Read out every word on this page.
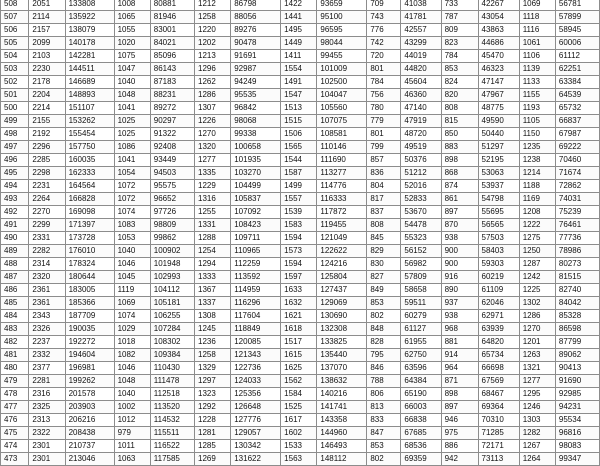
508	2051	133808	1008	80881	1212	86798	1422	93659	709	41038	733	42267	1069	56781
507	2114	135922	1065	81946	1258	88056	1441	95100	743	41781	787	43054	1118	57899
506	2157	138079	1055	83001	1220	89276	1495	96595	776	42557	809	43863	1116	58945
505	2099	140178	1020	84021	1202	90478	1449	98044	742	43299	823	44686	1061	60006
504	2103	142281	1075	85096	1213	91691	1411	99455	720	44019	784	45470	1106	61112
503	2230	144511	1047	86143	1296	92987	1554	101009	801	44820	853	46323	1139	62251
502	2178	146689	1040	87183	1262	94249	1491	102500	784	45604	824	47147	1133	63384
501	2204	148893	1048	88231	1286	95535	1547	104047	756	46360	820	47967	1155	64539
500	2214	151107	1041	89272	1307	96842	1513	105560	780	47140	808	48775	1193	65732
499	2155	153262	1025	90297	1226	98068	1515	107075	779	47919	815	49590	1105	66837
498	2192	155454	1025	91322	1270	99338	1506	108581	801	48720	850	50440	1150	67987
497	2296	157750	1086	92408	1320	100658	1565	110146	799	49519	883	51297	1235	69222
496	2285	160035	1041	93449	1277	101935	1544	111690	857	50376	898	52195	1238	70460
495	2298	162333	1054	94503	1335	103270	1587	113277	836	51212	868	53063	1214	71674
494	2231	164564	1072	95575	1229	104499	1499	114776	804	52016	874	53937	1188	72862
493	2264	166828	1072	96652	1316	105837	1557	116333	817	52833	861	54798	1169	74031
492	2270	169098	1074	97726	1255	107092	1539	117872	837	53670	897	55695	1208	75239
491	2299	171397	1083	98809	1331	108423	1583	119455	808	54478	870	56565	1222	76461
490	2331	173728	1053	99862	1288	109711	1594	121049	845	55323	938	57503	1275	77736
489	2282	176010	1040	100902	1254	110965	1573	122622	829	56152	900	58403	1250	78986
488	2314	178324	1046	101948	1294	112259	1594	124216	830	56982	900	59303	1287	80273
487	2320	180644	1045	102993	1333	113592	1597	125804	827	57809	916	60219	1242	81515
486	2361	183005	1119	104112	1367	114959	1633	127437	849	58658	890	61109	1225	82740
485	2361	185366	1069	105181	1337	116296	1632	129069	853	59511	937	62046	1302	84042
484	2343	187709	1074	106255	1308	117604	1621	130690	802	60279	938	62971	1286	85328
483	2326	190035	1029	107284	1245	118849	1618	132308	848	61127	968	63939	1270	86598
482	2237	192272	1018	108302	1236	120085	1517	133825	828	61955	881	64820	1201	87799
481	2332	194604	1082	109384	1258	121343	1615	135440	795	62750	914	65734	1263	89062
480	2377	196981	1046	110430	1329	122736	1625	137070	846	63596	964	66698	1321	90413
479	2281	199262	1048	111478	1297	124033	1562	138632	788	64384	871	67569	1277	91690
478	2316	201578	1040	112518	1323	125356	1584	140216	806	65190	898	68467	1295	92985
477	2325	203903	1002	113520	1292	126648	1525	141741	813	66003	897	69364	1246	94231
476	2313	206216	1012	114532	1228	127776	1617	143358	833	66838	946	70310	1303	95534
475	2322	208438	979	115511	1281	129057	1602	144960	847	67685	975	71285	1282	96816
474	2301	210737	1011	116522	1285	130342	1533	146493	853	68536	886	72171	1267	98083
473	2301	213046	1063	117585	1269	131622	1563	148112	802	69359	942	73113	1264	99347
